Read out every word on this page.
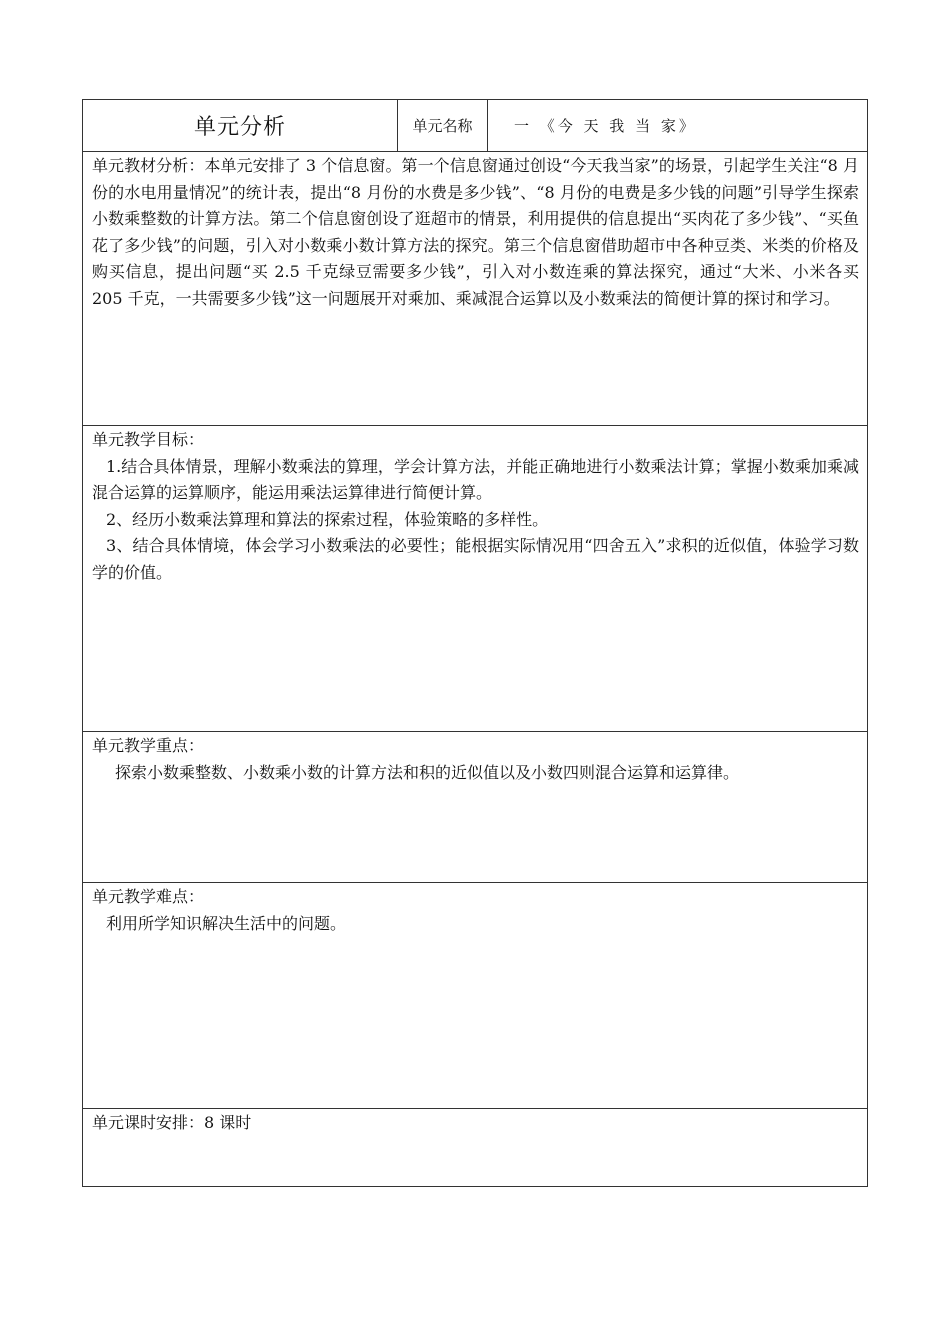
单元分析	单元名称	一 《今 天 我 当 家》

单元教材分析：本单元安排了 3 个信息窗。第一个信息窗通过创设“今天我当家”的场景，引起学生关注“8 月份的水电用量情况”的统计表，提出“8 月份的水费是多少钱”、“8 月份的电费是多少钱的问题”引导学生探索小数乘整数的计算方法。第二个信息窗创设了逛超市的情景，利用提供的信息提出“买肉花了多少钱”、“买鱼花了多少钱”的问题，引入对小数乘小数计算方法的探究。第三个信息窗借助超市中各种豆类、米类的价格及购买信息，提出问题“买 2.5 千克绿豆需要多少钱”，引入对小数连乘的算法探究，通过“大米、小米各买 205 千克，一共需要多少钱”这一问题展开对乘加、乘减混合运算以及小数乘法的简便计算的探讨和学习。

单元教学目标：

1.结合具体情景，理解小数乘法的算理，学会计算方法，并能正确地进行小数乘法计算；掌握小数乘加乘减混合运算的运算顺序，能运用乘法运算律进行简便计算。

2、经历小数乘法算理和算法的探索过程，体验策略的多样性。

3、结合具体情境，体会学习小数乘法的必要性；能根据实际情况用“四舍五入”求积的近似值，体验学习数学的价值。

单元教学重点：

探索小数乘整数、小数乘小数的计算方法和积的近似值以及小数四则混合运算和运算律。

单元教学难点：

利用所学知识解决生活中的问题。

单元课时安排：8 课时
